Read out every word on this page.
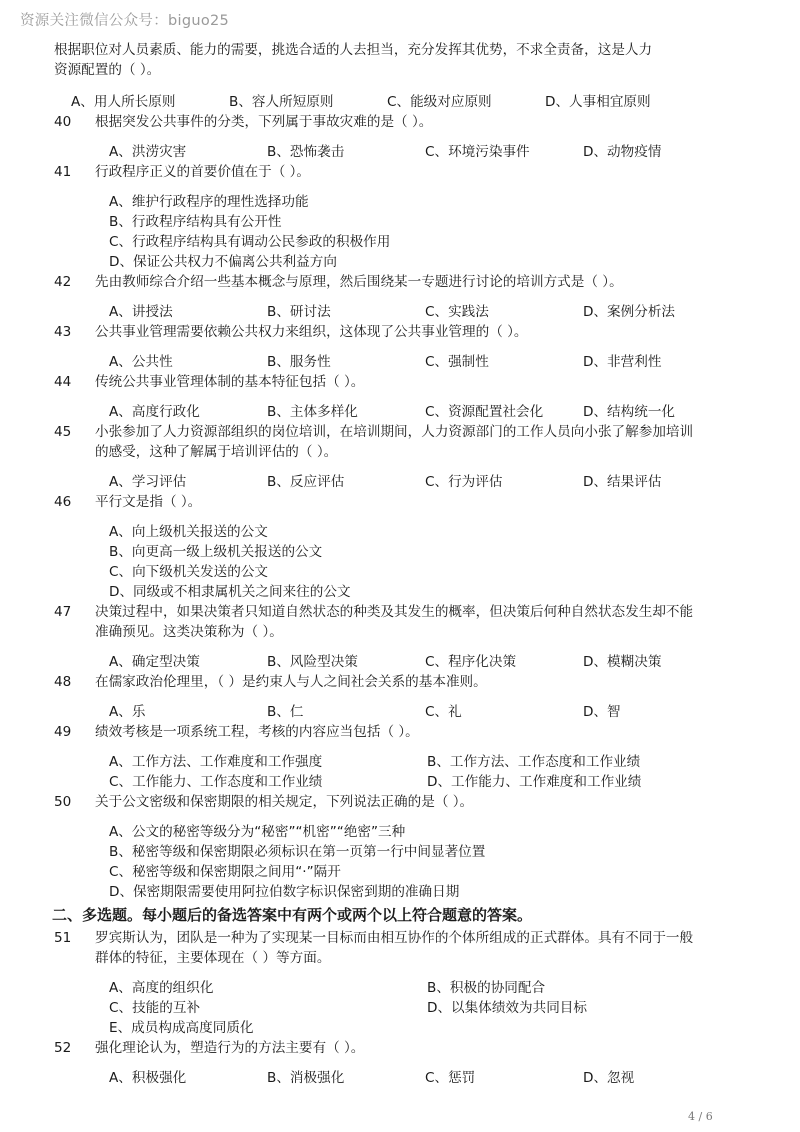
资源关注微信公众号：biguo25
根据职位对人员素质、能力的需要，挑选合适的人去担当，充分发挥其优势，不求全责备，这是人力
资源配置的（ ）。
A、用人所长原则	B、容人所短原则	C、能级对应原则	D、人事相宜原则
40 根据突发公共事件的分类，下列属于事故灾难的是（ ）。
A、洪涝灾害	B、恐怖袭击	C、环境污染事件	D、动物疫情
41 行政程序正义的首要价值在于（ ）。
A、维护行政程序的理性选择功能
B、行政程序结构具有公开性
C、行政程序结构具有调动公民参政的积极作用
D、保证公共权力不偏离公共利益方向
42 先由教师综合介绍一些基本概念与原理，然后围绕某一专题进行讨论的培训方式是（ ）。
A、讲授法	B、研讨法	C、实践法	D、案例分析法
43 公共事业管理需要依赖公共权力来组织，这体现了公共事业管理的（ ）。
A、公共性	B、服务性	C、强制性	D、非营利性
44 传统公共事业管理体制的基本特征包括（ ）。
A、高度行政化	B、主体多样化	C、资源配置社会化	D、结构统一化
45 小张参加了人力资源部组织的岗位培训，在培训期间，人力资源部门的工作人员向小张了解参加培训
的感受，这种了解属于培训评估的（ ）。
A、学习评估	B、反应评估	C、行为评估	D、结果评估
46 平行文是指（ ）。
A、向上级机关报送的公文
B、向更高一级上级机关报送的公文
C、向下级机关发送的公文
D、同级或不相隶属机关之间来往的公文
47 决策过程中，如果决策者只知道自然状态的种类及其发生的概率，但决策后何种自然状态发生却不能
准确预见。这类决策称为（ ）。
A、确定型决策	B、风险型决策	C、程序化决策	D、模糊决策
48 在儒家政治伦理里，（ ）是约束人与人之间社会关系的基本准则。
A、乐	B、仁	C、礼	D、智
49 绩效考核是一项系统工程，考核的内容应当包括（ ）。
A、工作方法、工作难度和工作强度	B、工作方法、工作态度和工作业绩
C、工作能力、工作态度和工作业绩	D、工作能力、工作难度和工作业绩
50 关于公文密级和保密期限的相关规定，下列说法正确的是（ ）。
A、公文的秘密等级分为“秘密”“机密”“绝密”三种
B、秘密等级和保密期限必须标识在第一页第一行中间显著位置
C、秘密等级和保密期限之间用“·”隔开
D、保密期限需要使用阿拉伯数字标识保密到期的准确日期
二、多选题。每小题后的备选答案中有两个或两个以上符合题意的答案。
51 罗宾斯认为，团队是一种为了实现某一目标而由相互协作的个体所组成的正式群体。具有不同于一般
群体的特征，主要体现在（ ）等方面。
A、高度的组织化	B、积极的协同配合
C、技能的互补	D、以集体绩效为共同目标
E、成员构成高度同质化
52 强化理论认为，塑造行为的方法主要有（ ）。
A、积极强化	B、消极强化	C、惩罚	D、忽视
4 / 6
